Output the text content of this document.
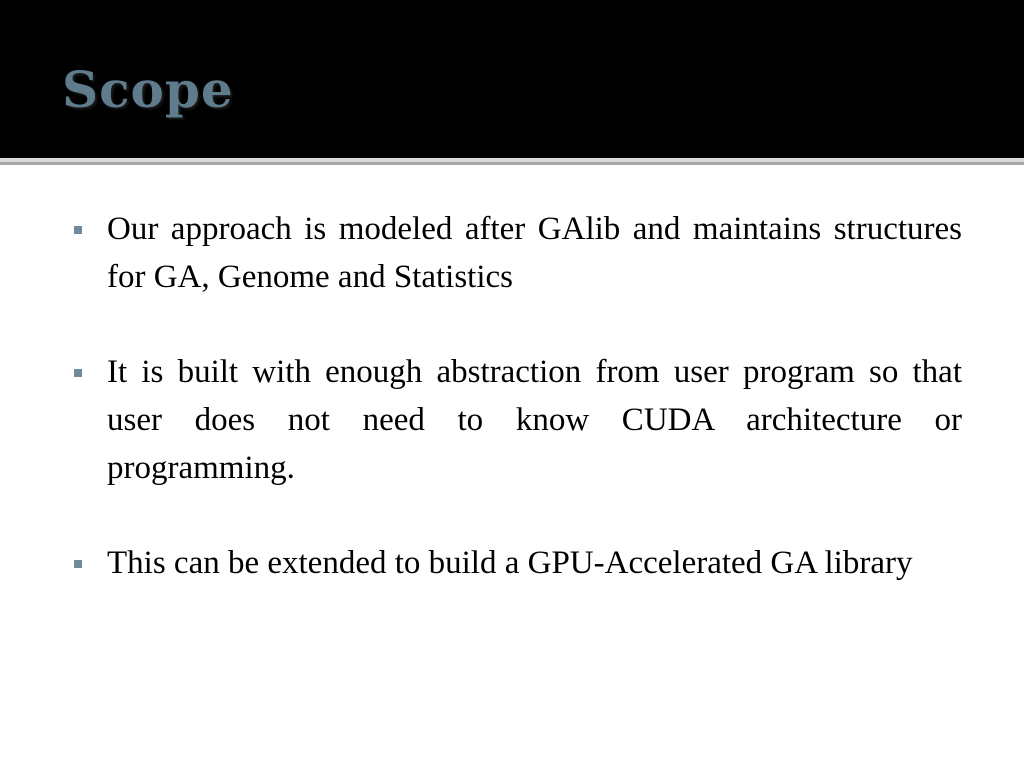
Scope
Our approach is modeled after GAlib and maintains structures for GA, Genome and Statistics
It is built with enough abstraction from user program so that user does not need to know CUDA architecture or programming.
This can be extended to build a GPU-Accelerated GA library
